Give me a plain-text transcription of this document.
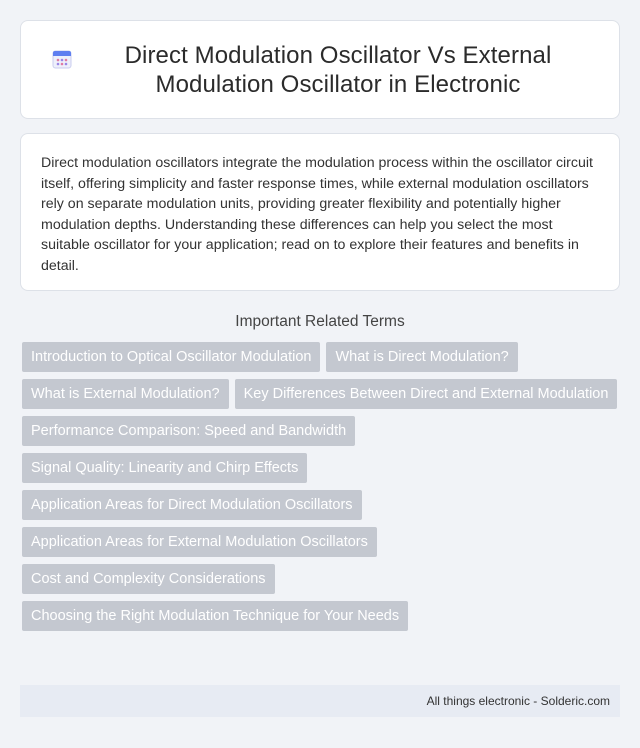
Direct Modulation Oscillator Vs External Modulation Oscillator in Electronic

Direct modulation oscillators integrate the modulation process within the oscillator circuit itself, offering simplicity and faster response times, while external modulation oscillators rely on separate modulation units, providing greater flexibility and potentially higher modulation depths. Understanding these differences can help you select the most suitable oscillator for your application; read on to explore their features and benefits in detail.

Important Related Terms
Introduction to Optical Oscillator Modulation	What is Direct Modulation?
What is External Modulation?	Key Differences Between Direct and External Modulation
Performance Comparison: Speed and Bandwidth
Signal Quality: Linearity and Chirp Effects
Application Areas for Direct Modulation Oscillators
Application Areas for External Modulation Oscillators
Cost and Complexity Considerations
Choosing the Right Modulation Technique for Your Needs
All things electronic - Solderic.com
